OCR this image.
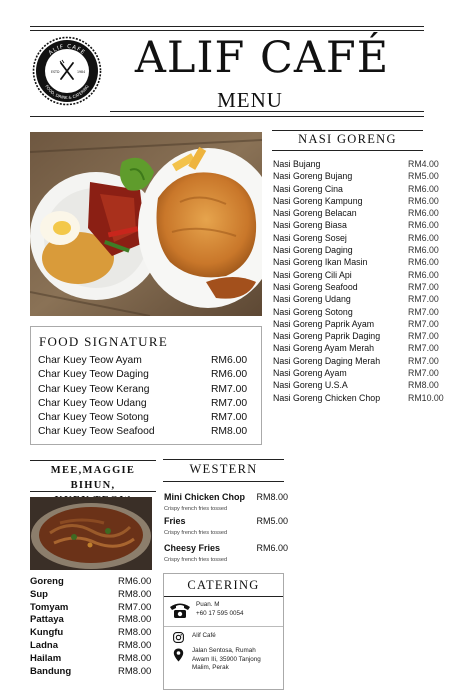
ALIF CAFE
FOOD, DRINK & CATERING
ESTD	1984	ALIF CAFÉ
MENU
NASI GORENG
Nasi Bujang	RM4.00
Nasi Goreng Bujang	RM5.00
Nasi Goreng Cina	RM6.00
Nasi Goreng Kampung	RM6.00
Nasi Goreng Belacan	RM6.00
Nasi Goreng Biasa	RM6.00
Nasi Goreng Sosej	RM6.00
Nasi Goreng Daging	RM6.00
Nasi Goreng Ikan Masin	RM6.00
Nasi Goreng Cili Api	RM6.00
Nasi Goreng Seafood	RM7.00
Nasi Goreng Udang	RM7.00
Nasi Goreng Sotong	RM7.00
Nasi Goreng Paprik Ayam	RM7.00
Nasi Goreng Paprik Daging	RM7.00
Nasi Goreng Ayam Merah	RM7.00
Nasi Goreng Daging Merah	RM7.00
Nasi Goreng Ayam	RM7.00
Nasi Goreng U.S.A	RM8.00
Nasi Goreng Chicken Chop	RM10.00
FOOD SIGNATURE
Char Kuey Teow Ayam	RM6.00
Char Kuey Teow Daging	RM6.00
Char Kuey Teow Kerang	RM7.00
Char Kuey Teow Udang	RM7.00
Char Kuey Teow Sotong	RM7.00
Char Kuey Teow Seafood	RM8.00
MEE,MAGGIE BIHUN,
Goreng	RM6.00
Sup	RM8.00
Tomyam	RM7.00
Pattaya	RM8.00
Kungfu	RM8.00
Ladna	RM8.00
Hailam	RM8.00
Bandung	RM8.00
WESTERN
Mini Chicken Chop RM8.00
Crispy french fries tossed
Fries	RM5.00
Crispy french fries tossed
Cheesy Fries	RM6.00
Crispy french fries tossed
CATERING
Puan. M
+60 17 595 0054
Alif Café
Jalan Sentosa, Rumah
Awam IIi, 35900 Tanjong
Malim, Perak
